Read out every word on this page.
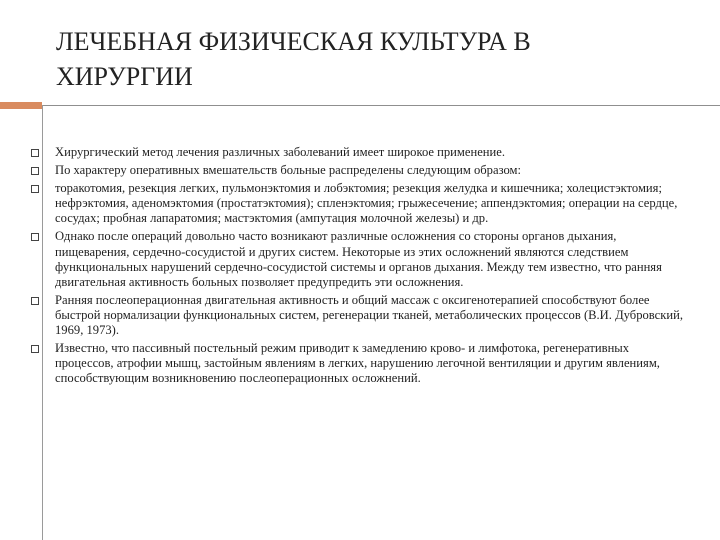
ЛЕЧЕБНАЯ ФИЗИЧЕСКАЯ КУЛЬТУРА В
ХИРУРГИИ
Хирургический метод лечения различных заболеваний имеет широкое применение.
По характеру оперативных вмешательств больные распределены следующим образом:
торакотомия, резекция легких, пульмонэктомия и лобэктомия; резекция желудка и кишечника; холецистэктомия; нефрэктомия, аденомэктомия (простатэктомия); спленэктомия; грыжесечение; аппендэктомия; операции на сердце, сосудах; пробная лапаратомия; мастэктомия (ампутация молочной железы) и др.
Однако после операций довольно часто возникают различные осложнения со стороны органов дыхания, пищеварения, сердечно-сосудистой и других систем. Некоторые из этих осложнений являются следствием функциональных нарушений сердечно-сосудистой системы и органов дыхания. Между тем известно, что ранняя двигательная активность больных позволяет предупредить эти осложнения.
Ранняя послеоперационная двигательная активность и общий массаж с оксигенотерапией способствуют более быстрой нормализации функциональных систем, регенерации тканей, метаболических процессов (В.И. Дубровский, 1969, 1973).
Известно, что пассивный постельный режим приводит к замедлению крово- и лимфотока, регенеративных процессов, атрофии мышц, застойным явлениям в легких, нарушению легочной вентиляции и другим явлениям, способствующим возникновению послеоперационных осложнений.
